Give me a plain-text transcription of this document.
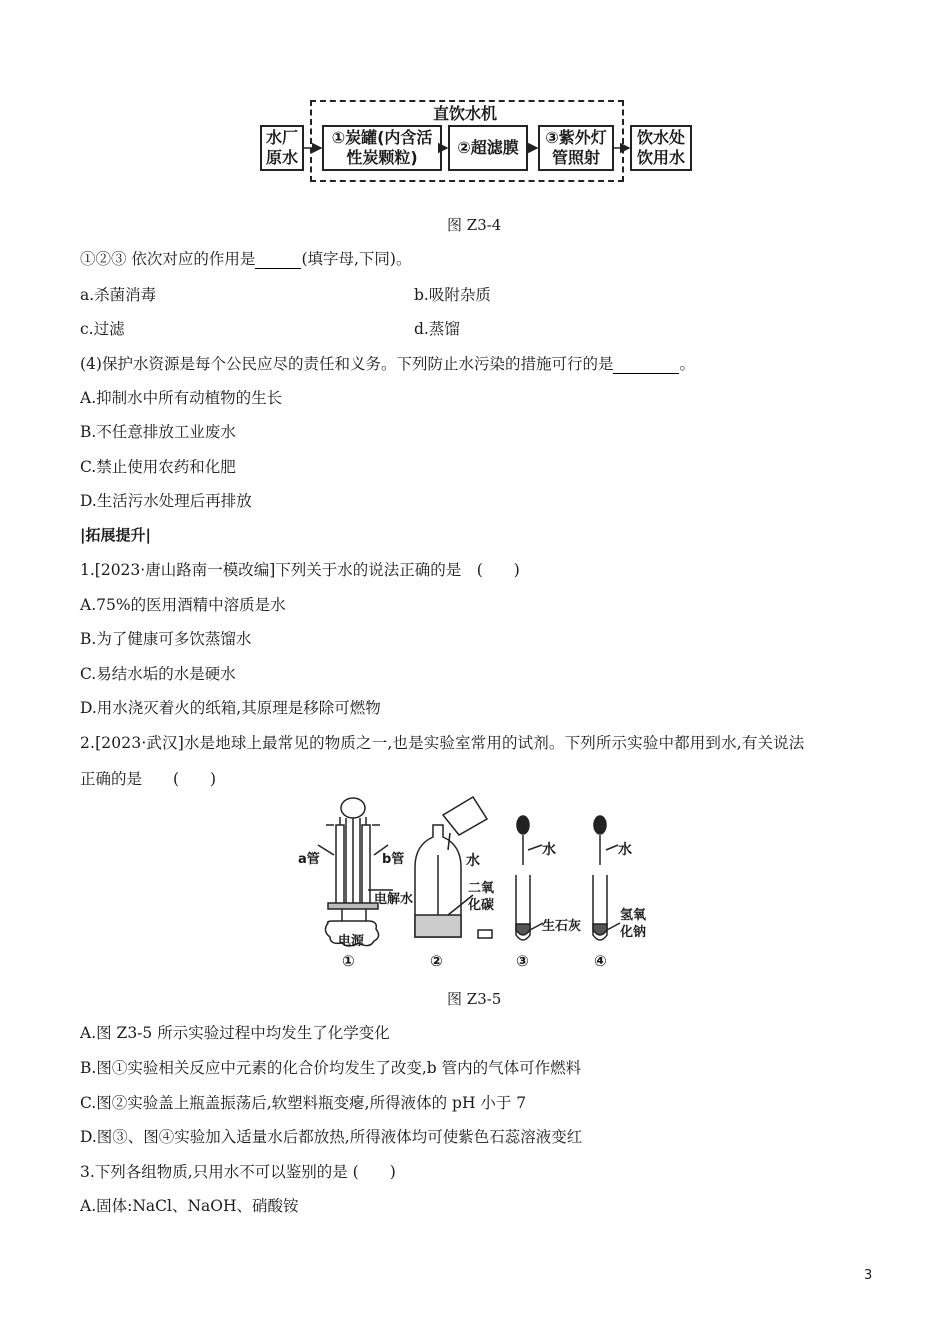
直饮水机
水厂
原水
①炭罐(内含活
性炭颗粒)
②超滤膜
③紫外灯
管照射
饮水处
饮用水
图 Z3-4
①②③ 依次对应的作用是	(填字母,下同)。
a.杀菌消毒	b.吸附杂质
c.过滤	d.蒸馏
(4)保护水资源是每个公民应尽的责任和义务。下列防止水污染的措施可行的是	。
A.抑制水中所有动植物的生长
B.不任意排放工业废水
C.禁止使用农药和化肥
D.生活污水处理后再排放
|拓展提升|
1.[2023·唐山路南一模改编]下列关于水的说法正确的是　(　　)
A.75%的医用酒精中溶质是水
B.为了健康可多饮蒸馏水
C.易结水垢的水是硬水
D.用水浇灭着火的纸箱,其原理是移除可燃物
2.[2023·武汉]水是地球上最常见的物质之一,也是实验室常用的试剂。下列所示实验中都用到水,有关说法
正确的是　　(　　)
a管	b管
电解水
电源
水
二氧
化碳
水
生石灰
水
氢氧
化钠
①	②	③	④
图 Z3-5
A.图 Z3-5 所示实验过程中均发生了化学变化
B.图①实验相关反应中元素的化合价均发生了改变,b 管内的气体可作燃料
C.图②实验盖上瓶盖振荡后,软塑料瓶变瘪,所得液体的 pH 小于 7
D.图③、图④实验加入适量水后都放热,所得液体均可使紫色石蕊溶液变红
3.下列各组物质,只用水不可以鉴别的是 (　　)
A.固体:NaCl、NaOH、硝酸铵
3
